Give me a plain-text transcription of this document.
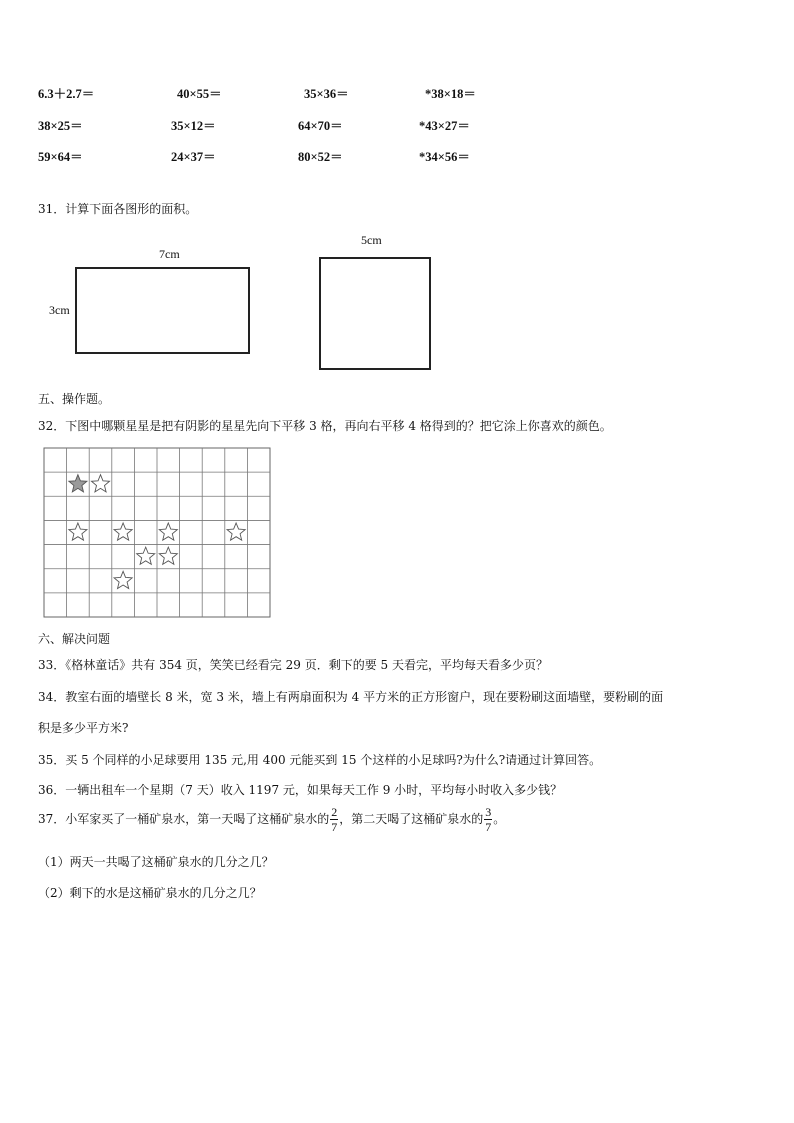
6.3＋2.7＝	40×55＝	35×36＝	*38×18＝
38×25＝	35×12＝	64×70＝	*43×27＝
59×64＝	24×37＝	80×52＝	*34×56＝
31．计算下面各图形的面积。
7cm
3cm
5cm
五、操作题。
32．下图中哪颗星星是把有阴影的星星先向下平移 3 格，再向右平移 4 格得到的？把它涂上你喜欢的颜色。
六、解决问题
33．《格林童话》共有 354 页，笑笑已经看完 29 页．剩下的要 5 天看完，平均每天看多少页？
34．教室右面的墙壁长 8 米，宽 3 米，墙上有两扇面积为 4 平方米的正方形窗户，现在要粉刷这面墙壁，要粉刷的面
积是多少平方米?
35．买 5 个同样的小足球要用 135 元,用 400 元能买到 15 个这样的小足球吗?为什么?请通过计算回答。
36．一辆出租车一个星期（7 天）收入 1197 元，如果每天工作 9 小时，平均每小时收入多少钱？
37．小军家买了一桶矿泉水，第一天喝了这桶矿泉水的 $\frac{2}{7}$ ，第二天喝了这桶矿泉水的 $\frac{3}{7}$ 。
（1）两天一共喝了这桶矿泉水的几分之几？
（2）剩下的水是这桶矿泉水的几分之几？
